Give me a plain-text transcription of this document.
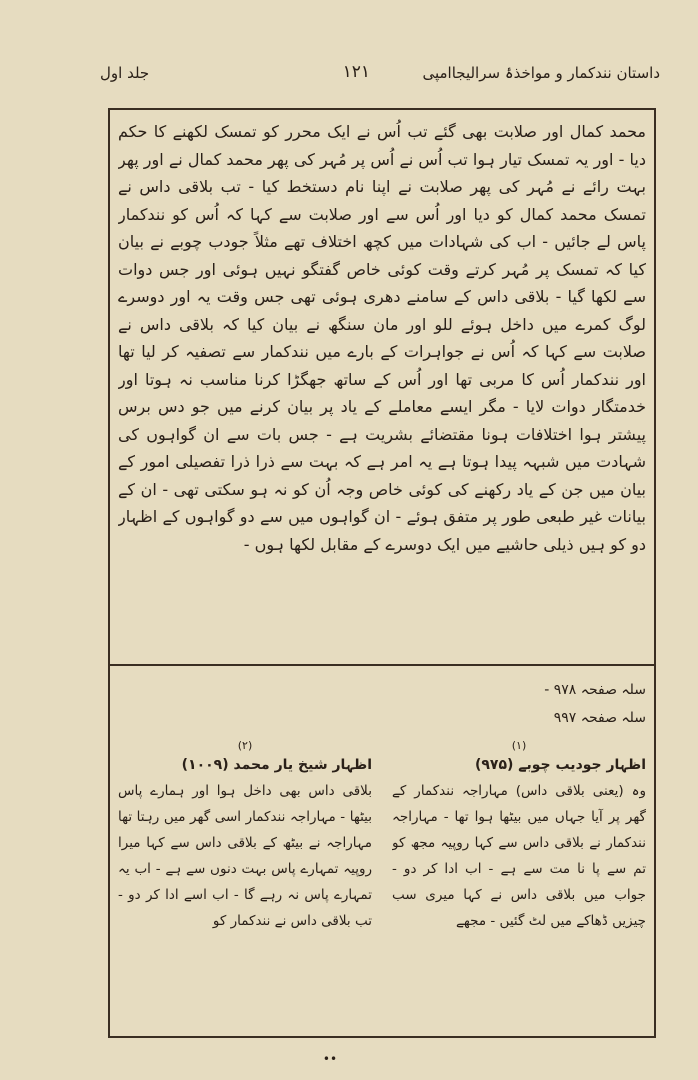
داستان نندکمار و مواخذۂ سرالیجاامپی
۱۲۱
جلد اول

محمد کمال اور صلابت بھی گئے تب اُس نے ایک محرر کو تمسک لکھنے کا حکم دیا - اور یہ تمسک تیار ہوا تب اُس نے اُس پر مُہر کی پھر محمد کمال نے اور پھر بہت رائے نے مُہر کی پھر صلابت نے اپنا نام دستخط کیا - تب بلاقی داس نے تمسک محمد کمال کو دیا اور اُس سے اور صلابت سے کہا کہ اُس کو نندکمار پاس لے جائیں - اب کی شہادات میں کچھ اختلاف تھے مثلاً جودب چوبے نے بیان کیا کہ تمسک پر مُہر کرتے وقت کوئی خاص گفتگو نہیں ہوئی اور جس دوات سے لکھا گیا - بلاقی داس کے سامنے دھری ہوئی تھی جس وقت یہ اور دوسرے لوگ کمرے میں داخل ہوئے للو اور مان سنگھ نے بیان کیا کہ بلاقی داس نے صلابت سے کہا کہ اُس نے جواہرات کے بارے میں نندکمار سے تصفیہ کر لیا تھا اور نندکمار اُس کا مربی تھا اور اُس کے ساتھ جھگڑا کرنا مناسب نہ ہوتا اور خدمتگار دوات لایا - مگر ایسے معاملے کے یاد پر بیان کرنے میں جو دس برس پیشتر ہوا اختلافات ہونا مقتضائے بشریت ہے - جس بات سے ان گواہوں کی شہادت میں شبہہ پیدا ہوتا ہے یہ امر ہے کہ بہت سے ذرا ذرا تفصیلی امور کے بیان میں جن کے یاد رکھنے کی کوئی خاص وجہ اُن کو نہ ہو سکتی تھی - ان کے بیانات غیر طبعی طور پر متفق ہوئے - ان گواہوں میں سے دو گواہوں کے اظہار دو کو ہیں ذیلی حاشیے میں ایک دوسرے کے مقابل لکھا ہوں -

سلہ صفحہ ۹۷۸ -
سلہ صفحہ ۹۹۷
(۱)
اظہار جودیب چوبے (۹۷۵)

وہ (یعنی بلاقی داس) مہاراجہ نندکمار کے گھر پر آیا جہاں میں بیٹھا ہوا تھا - مہاراجہ نندکمار نے بلاقی داس سے کہا روپیہ مجھ کو تم سے پا نا مت سے ہے - اب ادا کر دو - جواب میں بلاقی داس نے کہا میری سب چیزیں ڈھاکے میں لٹ گئیں - مجھے

(۲)
اظہار شیخ یار محمد (۱۰۰۹)

بلاقی داس بھی داخل ہوا اور ہمارے پاس بیٹھا - مہاراجہ نندکمار اسی گھر میں رہتا تھا مہاراجہ نے بیٹھ کے بلاقی داس سے کہا میرا روپیہ تمہارے پاس بہت دنوں سے ہے - اب یہ تمہارے پاس نہ رہے گا - اب اسے ادا کر دو - تب بلاقی داس نے نندکمار کو

••
